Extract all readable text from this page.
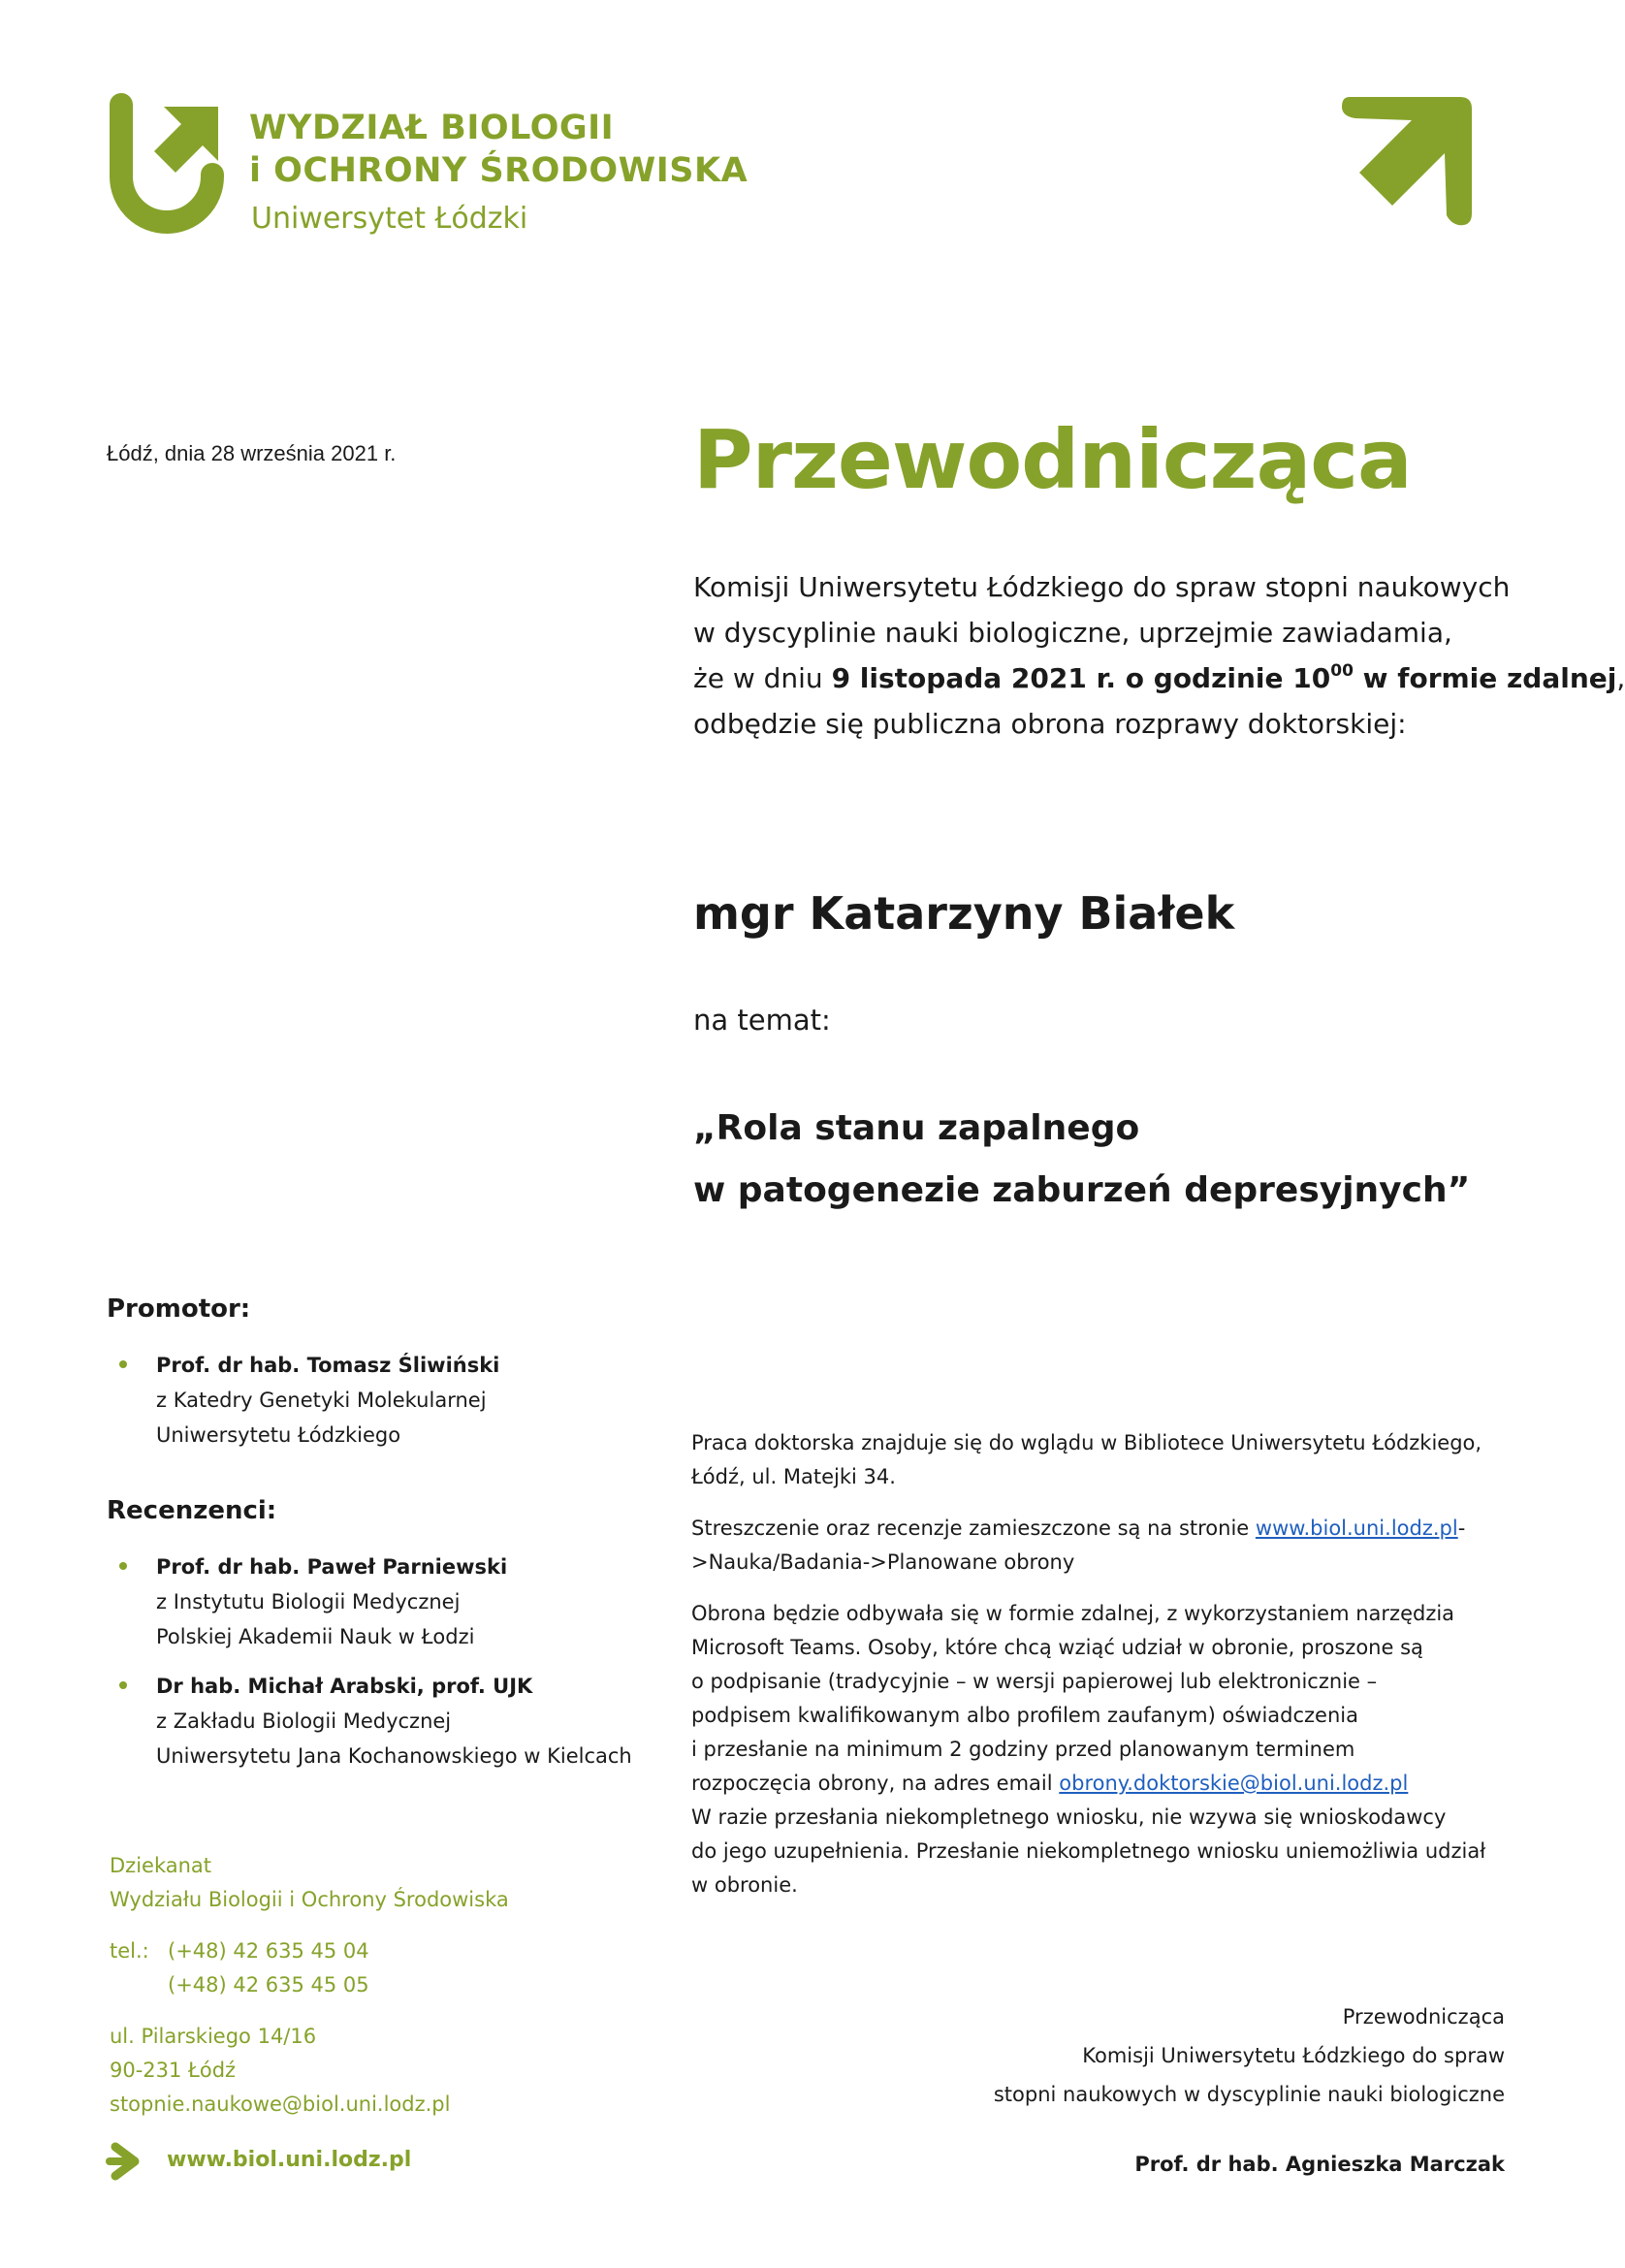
WYDZIAŁ BIOLOGII
i OCHRONY ŚRODOWISKA
Uniwersytet Łódzki
Łódź, dnia 28 września 2021 r.	Przewodnicząca
Komisji Uniwersytetu Łódzkiego do spraw stopni naukowych
w dyscyplinie nauki biologiczne, uprzejmie zawiadamia,
że w dniu 9 listopada 2021 r. o godzinie $10^{00}$ w formie zdalnej,
odbędzie się publiczna obrona rozprawy doktorskiej:
mgr Katarzyny Białek
na temat:
„Rola stanu zapalnego
w patogenezie zaburzeń depresyjnych”
Promotor:
Prof. dr hab. Tomasz Śliwiński
z Katedry Genetyki Molekularnej
Uniwersytetu Łódzkiego
Recenzenci:
Prof. dr hab. Paweł Parniewski
z Instytutu Biologii Medycznej
Polskiej Akademii Nauk w Łodzi
Dr hab. Michał Arabski, prof. UJK
z Zakładu Biologii Medycznej
Uniwersytetu Jana Kochanowskiego w Kielcach

Praca doktorska znajduje się do wglądu w Bibliotece Uniwersytetu Łódzkiego,
Łódź, ul. Matejki 34.

Streszczenie oraz recenzje zamieszczone są na stronie www.biol.uni.lodz.pl-
>Nauka/Badania->Planowane obrony

Obrona będzie odbywała się w formie zdalnej, z wykorzystaniem narzędzia
Microsoft Teams. Osoby, które chcą wziąć udział w obronie, proszone są
o podpisanie (tradycyjnie – w wersji papierowej lub elektronicznie –
podpisem kwalifikowanym albo profilem zaufanym) oświadczenia
i przesłanie na minimum 2 godziny przed planowanym terminem
rozpoczęcia obrony, na adres email obrony.doktorskie@biol.uni.lodz.pl
W razie przesłania niekompletnego wniosku, nie wzywa się wnioskodawcy
do jego uzupełnienia. Przesłanie niekompletnego wniosku uniemożliwia udział
w obronie.

Dziekanat
Wydziału Biologii i Ochrony Środowiska
tel.: (+48) 42 635 45 04
(+48) 42 635 45 05
ul. Pilarskiego 14/16
90-231 Łódź
stopnie.naukowe@biol.uni.lodz.pl
www.biol.uni.lodz.pl
Przewodnicząca
Komisji Uniwersytetu Łódzkiego do spraw
stopni naukowych w dyscyplinie nauki biologiczne
Prof. dr hab. Agnieszka Marczak
